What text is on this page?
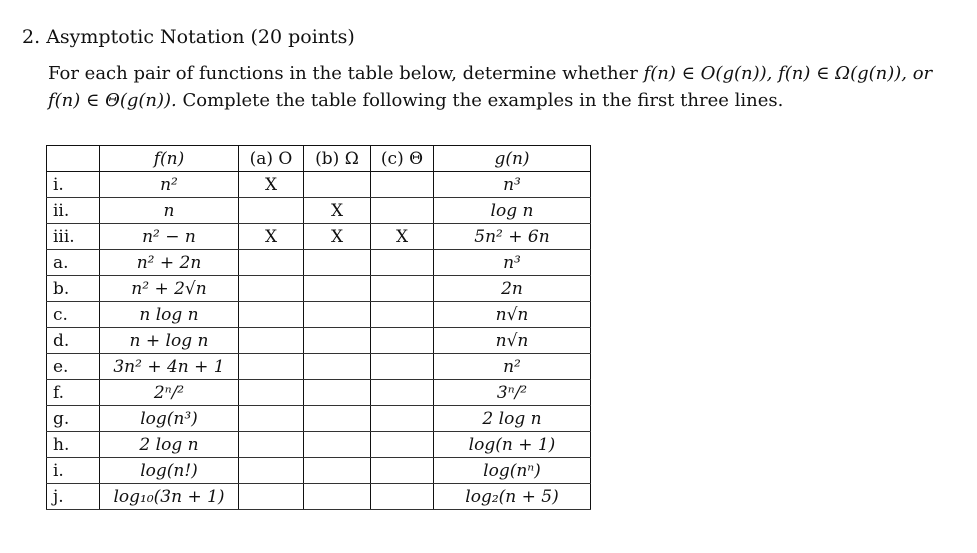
2. Asymptotic Notation (20 points)
For each pair of functions in the table below, determine whether f(n) ∈ O(g(n)), f(n) ∈ Ω(g(n)), or
f(n) ∈ Θ(g(n)). Complete the table following the examples in the first three lines.
	f(n)	(a) O	(b) Ω	(c) Θ	g(n)
i.	n²	X			n³
ii.	n		X		log n
iii.	n² − n	X	X	X	5n² + 6n
a.	n² + 2n				n³
b.	n² + 2√n				2n
c.	n log n				n√n
d.	n + log n				n√n
e.	3n² + 4n + 1				n²
f.	2ⁿ/²				3ⁿ/²
g.	log(n³)				2 log n
h.	2 log n				log(n + 1)
i.	log(n!)				log(nⁿ)
j.	log₁₀(3n + 1)				log₂(n + 5)
